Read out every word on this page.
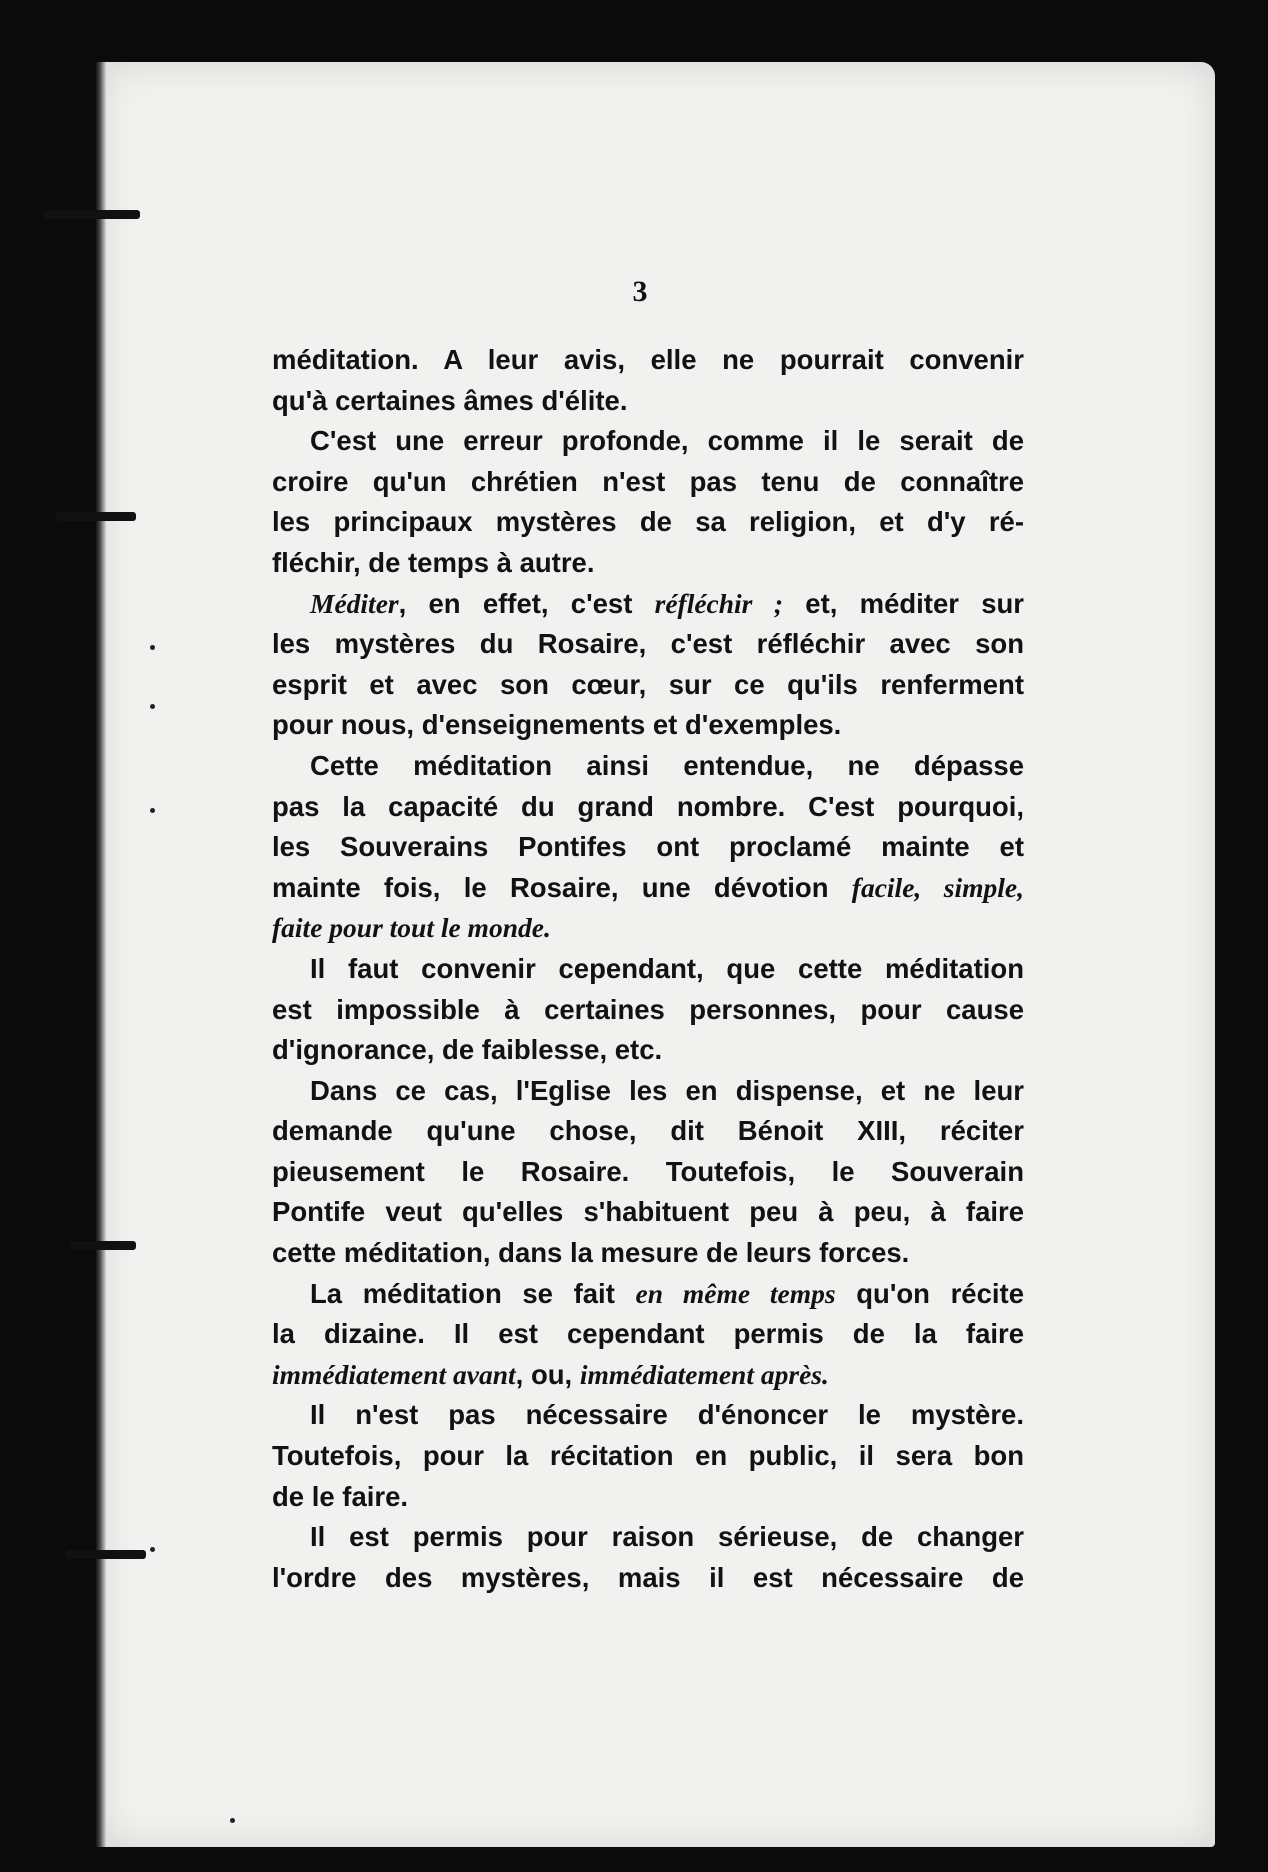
3
méditation. A leur avis, elle ne pourrait convenir
qu'à certaines âmes d'élite.
C'est une erreur profonde, comme il le serait de
croire qu'un chrétien n'est pas tenu de connaître
les principaux mystères de sa religion, et d'y ré-
fléchir, de temps à autre.
Méditer, en effet, c'est réfléchir ; et, méditer sur
les mystères du Rosaire, c'est réfléchir avec son
esprit et avec son cœur, sur ce qu'ils renferment
pour nous, d'enseignements et d'exemples.
Cette méditation ainsi entendue, ne dépasse
pas la capacité du grand nombre. C'est pourquoi,
les Souverains Pontifes ont proclamé mainte et
mainte fois, le Rosaire, une dévotion facile, simple,
faite pour tout le monde.
Il faut convenir cependant, que cette méditation
est impossible à certaines personnes, pour cause
d'ignorance, de faiblesse, etc.
Dans ce cas, l'Eglise les en dispense, et ne leur
demande qu'une chose, dit Bénoit XIII, réciter
pieusement le Rosaire. Toutefois, le Souverain
Pontife veut qu'elles s'habituent peu à peu, à faire
cette méditation, dans la mesure de leurs forces.
La méditation se fait en même temps qu'on récite
la dizaine. Il est cependant permis de la faire
immédiatement avant, ou, immédiatement après.
Il n'est pas nécessaire d'énoncer le mystère.
Toutefois, pour la récitation en public, il sera bon
de le faire.
Il est permis pour raison sérieuse, de changer
l'ordre des mystères, mais il est nécessaire de
